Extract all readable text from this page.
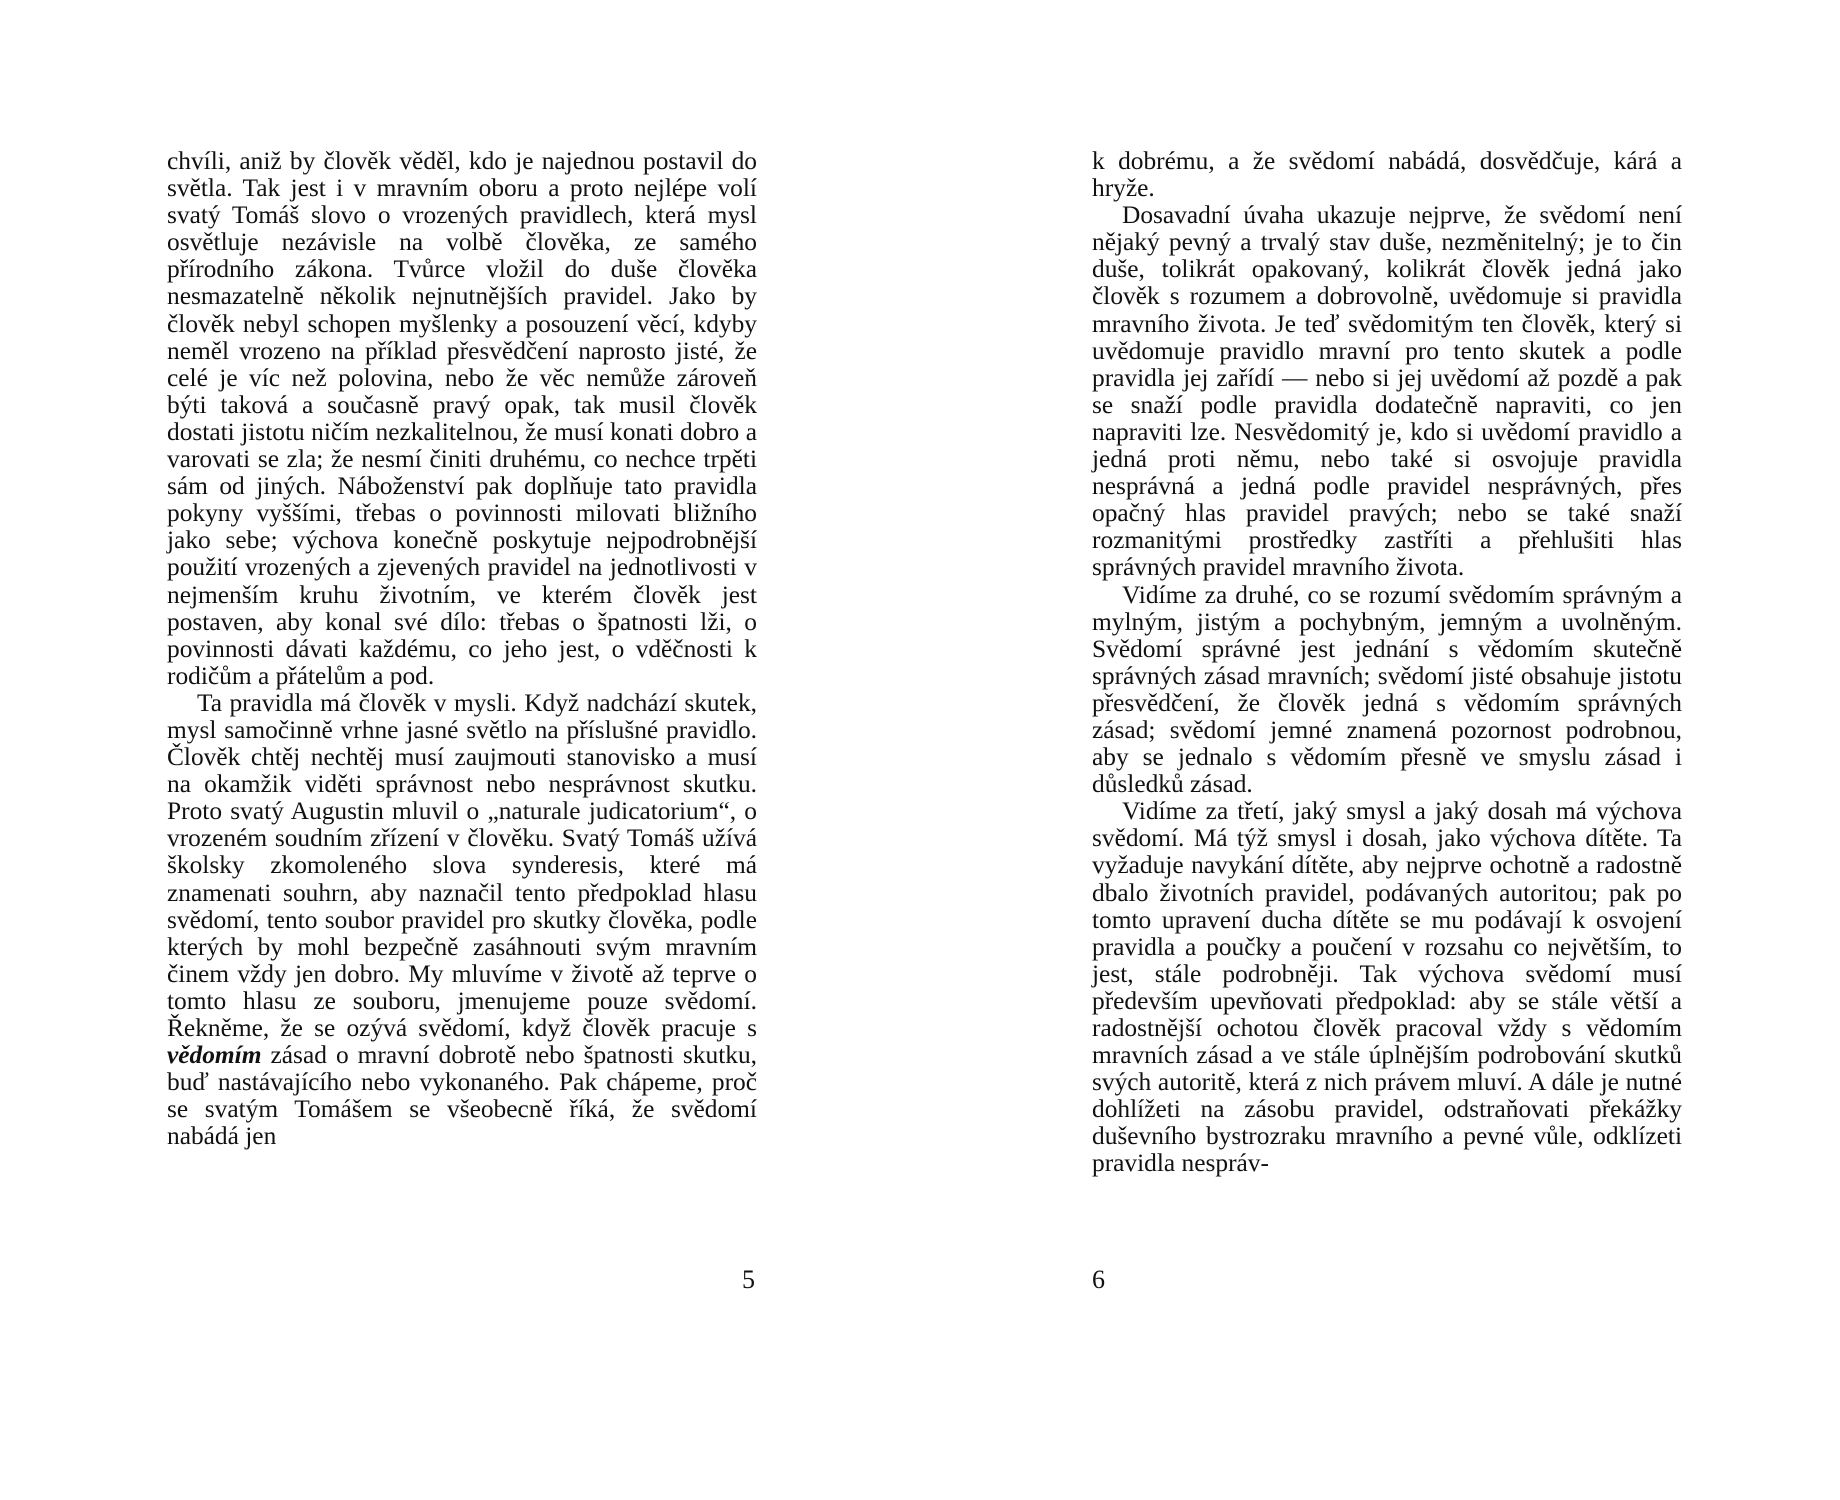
chvíli, aniž by člověk věděl, kdo je najednou postavil do světla. Tak jest i v mravním oboru a proto nejlépe volí svatý Tomáš slovo o vrozených pravidlech, která mysl osvětluje nezávisle na volbě člověka, ze samého přírodního zákona. Tvůrce vložil do duše člověka nesmazatelně několik nejnutnějších pravidel. Jako by člověk nebyl schopen myšlenky a posouzení věcí, kdyby neměl vrozeno na příklad přesvědčení naprosto jisté, že celé je víc než polovina, nebo že věc nemůže zároveň býti taková a současně pravý opak, tak musil člověk dostati jistotu ničím nezkalitelnou, že musí konati dobro a varovati se zla; že nesmí činiti druhému, co nechce trpěti sám od jiných. Náboženství pak doplňuje tato pravidla pokyny vyššími, třebas o povinnosti milovati bližního jako sebe; výchova konečně poskytuje nejpodrobnější použití vrozených a zjevených pravidel na jednotlivosti v nejmenším kruhu životním, ve kterém člověk jest postaven, aby konal své dílo: třebas o špatnosti lži, o povinnosti dávati každému, co jeho jest, o vděčnosti k rodičům a přátelům a pod.

Ta pravidla má člověk v mysli. Když nadchází skutek, mysl samočinně vrhne jasné světlo na příslušné pravidlo. Člověk chtěj nechtěj musí zaujmouti stanovisko a musí na okamžik viděti správnost nebo nesprávnost skutku. Proto svatý Augustin mluvil o „naturale judicatorium“, o vrozeném soudním zřízení v člověku. Svatý Tomáš užívá školsky zkomoleného slova synderesis, které má znamenati souhrn, aby naznačil tento předpoklad hlasu svědomí, tento soubor pravidel pro skutky člověka, podle kterých by mohl bezpečně zasáhnouti svým mravním činem vždy jen dobro. My mluvíme v životě až teprve o tomto hlasu ze souboru, jmenujeme pouze svědomí. Řekněme, že se ozývá svědomí, když člověk pracuje s vědomím zásad o mravní dobrotě nebo špatnosti skutku, buď nastávajícího nebo vykonaného. Pak chápeme, proč se svatým Tomášem se všeobecně říká, že svědomí nabádá jen

5

k dobrému, a že svědomí nabádá, dosvědčuje, kárá a hryže.

Dosavadní úvaha ukazuje nejprve, že svědomí není nějaký pevný a trvalý stav duše, nezměnitelný; je to čin duše, tolikrát opakovaný, kolikrát člověk jedná jako člověk s rozumem a dobrovolně, uvědomuje si pravidla mravního života. Je teď svědomitým ten člověk, který si uvědomuje pravidlo mravní pro tento skutek a podle pravidla jej zařídí — nebo si jej uvědomí až pozdě a pak se snaží podle pravidla dodatečně napraviti, co jen napraviti lze. Nesvědomitý je, kdo si uvědomí pravidlo a jedná proti němu, nebo také si osvojuje pravidla nesprávná a jedná podle pravidel nesprávných, přes opačný hlas pravidel pravých; nebo se také snaží rozmanitými prostředky zastříti a přehlušiti hlas správných pravidel mravního života.

Vidíme za druhé, co se rozumí svědomím správným a mylným, jistým a pochybným, jemným a uvolněným. Svědomí správné jest jednání s vědomím skutečně správných zásad mravních; svědomí jisté obsahuje jistotu přesvědčení, že člověk jedná s vědomím správných zásad; svědomí jemné znamená pozornost podrobnou, aby se jednalo s vědomím přesně ve smyslu zásad i důsledků zásad.

Vidíme za třetí, jaký smysl a jaký dosah má výchova svědomí. Má týž smysl i dosah, jako výchova dítěte. Ta vyžaduje navykání dítěte, aby nejprve ochotně a radostně dbalo životních pravidel, podávaných autoritou; pak po tomto upravení ducha dítěte se mu podávají k osvojení pravidla a poučky a poučení v rozsahu co největším, to jest, stále podrobněji. Tak výchova svědomí musí především upevňovati předpoklad: aby se stále větší a radostnější ochotou člověk pracoval vždy s vědomím mravních zásad a ve stále úplnějším podrobování skutků svých autoritě, která z nich právem mluví. A dále je nutné dohlížeti na zásobu pravidel, odstraňovati překážky duševního bystrozraku mravního a pevné vůle, odklízeti pravidla nespráv-

6
